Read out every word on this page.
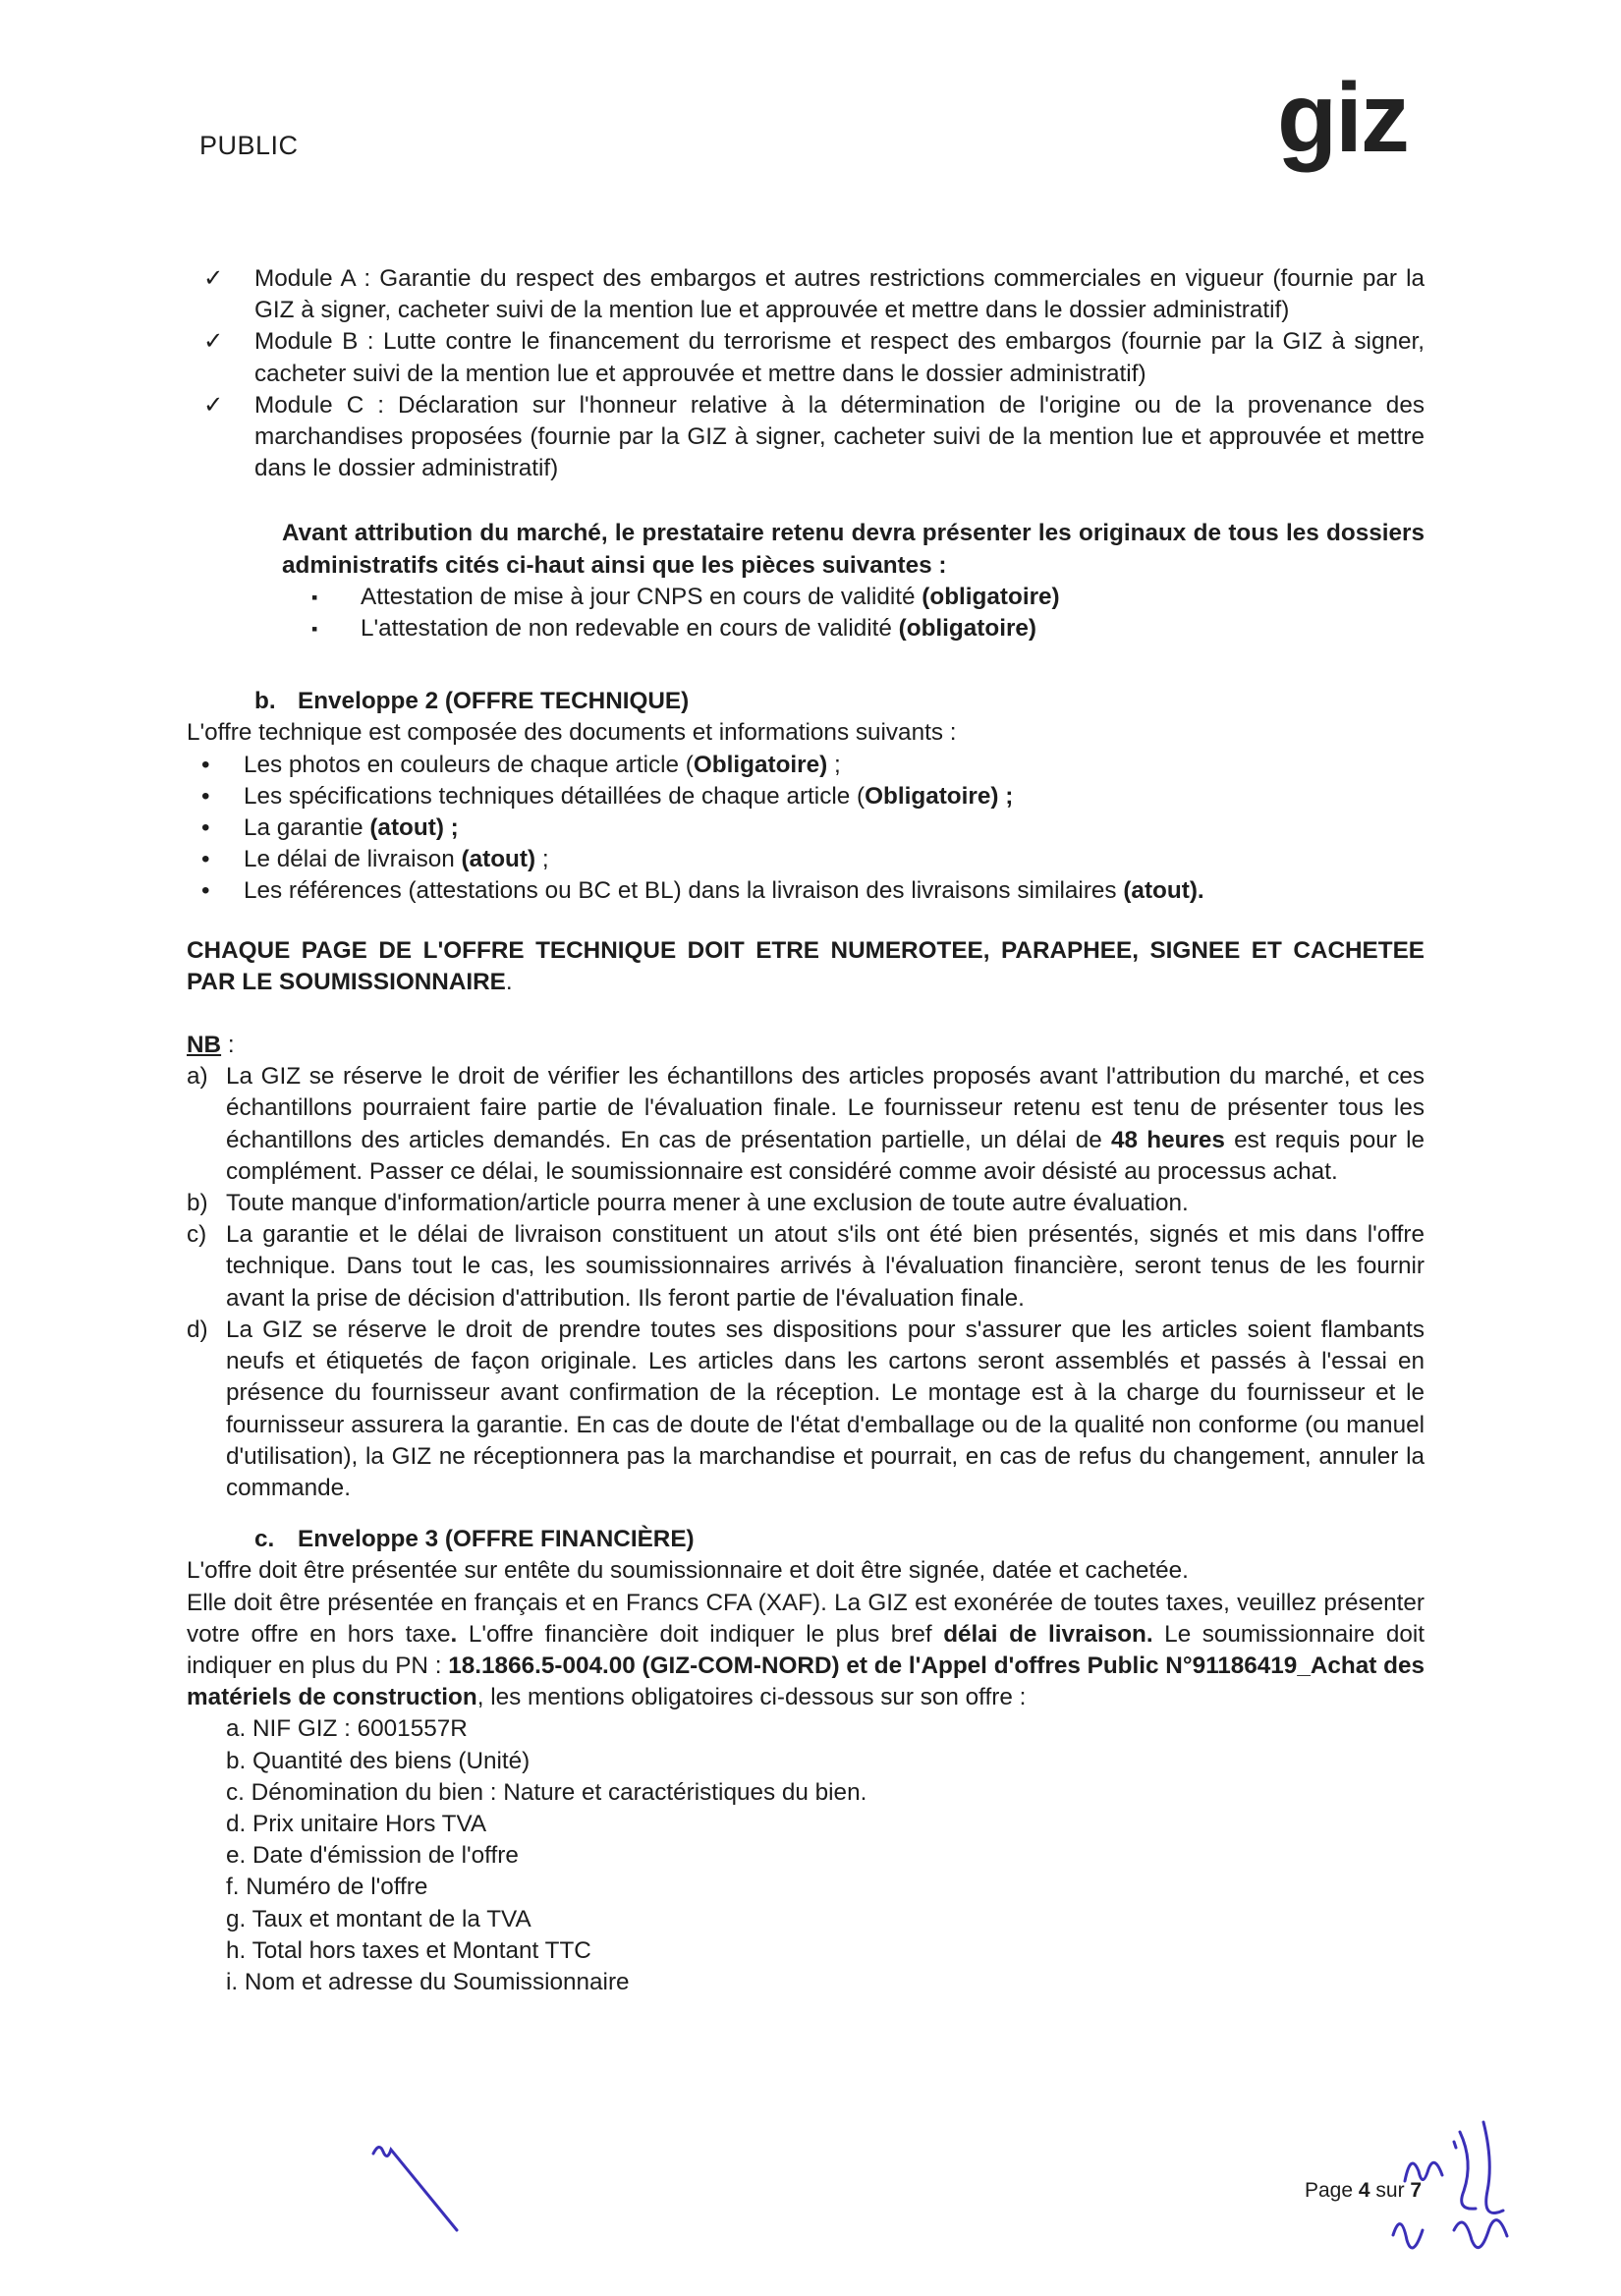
PUBLIC	giz
✓ Module A : Garantie du respect des embargos et autres restrictions commerciales en vigueur (fournie par la GIZ à signer, cacheter suivi de la mention lue et approuvée et mettre dans le dossier administratif)
✓ Module B : Lutte contre le financement du terrorisme et respect des embargos (fournie par la GIZ à signer, cacheter suivi de la mention lue et approuvée et mettre dans le dossier administratif)
✓ Module C : Déclaration sur l'honneur relative à la détermination de l'origine ou de la provenance des marchandises proposées (fournie par la GIZ à signer, cacheter suivi de la mention lue et approuvée et mettre dans le dossier administratif)
Avant attribution du marché, le prestataire retenu devra présenter les originaux de tous les dossiers administratifs cités ci-haut ainsi que les pièces suivantes :
▪ Attestation de mise à jour CNPS en cours de validité (obligatoire)
▪ L'attestation de non redevable en cours de validité (obligatoire)
b. Enveloppe 2 (OFFRE TECHNIQUE)
L'offre technique est composée des documents et informations suivants :
• Les photos en couleurs de chaque article (Obligatoire) ;
• Les spécifications techniques détaillées de chaque article (Obligatoire) ;
• La garantie (atout) ;
• Le délai de livraison (atout) ;
• Les références (attestations ou BC et BL) dans la livraison des livraisons similaires (atout).
CHAQUE PAGE DE L'OFFRE TECHNIQUE DOIT ETRE NUMEROTEE, PARAPHEE, SIGNEE ET CACHETEE PAR LE SOUMISSIONNAIRE.
NB :
a) La GIZ se réserve le droit de vérifier les échantillons des articles proposés avant l'attribution du marché, et ces échantillons pourraient faire partie de l'évaluation finale. Le fournisseur retenu est tenu de présenter tous les échantillons des articles demandés. En cas de présentation partielle, un délai de 48 heures est requis pour le complément. Passer ce délai, le soumissionnaire est considéré comme avoir désisté au processus achat.
b) Toute manque d'information/article pourra mener à une exclusion de toute autre évaluation.
c) La garantie et le délai de livraison constituent un atout s'ils ont été bien présentés, signés et mis dans l'offre technique. Dans tout le cas, les soumissionnaires arrivés à l'évaluation financière, seront tenus de les fournir avant la prise de décision d'attribution. Ils feront partie de l'évaluation finale.
d) La GIZ se réserve le droit de prendre toutes ses dispositions pour s'assurer que les articles soient flambants neufs et étiquetés de façon originale. Les articles dans les cartons seront assemblés et passés à l'essai en présence du fournisseur avant confirmation de la réception. Le montage est à la charge du fournisseur et le fournisseur assurera la garantie. En cas de doute de l'état d'emballage ou de la qualité non conforme (ou manuel d'utilisation), la GIZ ne réceptionnera pas la marchandise et pourrait, en cas de refus du changement, annuler la commande.
c. Enveloppe 3 (OFFRE FINANCIÈRE)
L'offre doit être présentée sur entête du soumissionnaire et doit être signée, datée et cachetée.
Elle doit être présentée en français et en Francs CFA (XAF). La GIZ est exonérée de toutes taxes, veuillez présenter votre offre en hors taxe. L'offre financière doit indiquer le plus bref délai de livraison. Le soumissionnaire doit indiquer en plus du PN : 18.1866.5-004.00 (GIZ-COM-NORD) et de l'Appel d'offres Public N°91186419_Achat des matériels de construction, les mentions obligatoires ci-dessous sur son offre :
a. NIF GIZ : 6001557R
b. Quantité des biens (Unité)
c. Dénomination du bien : Nature et caractéristiques du bien.
d. Prix unitaire Hors TVA
e. Date d'émission de l'offre
f. Numéro de l'offre
g. Taux et montant de la TVA
h. Total hors taxes et Montant TTC
i. Nom et adresse du Soumissionnaire
Page 4 sur 7
